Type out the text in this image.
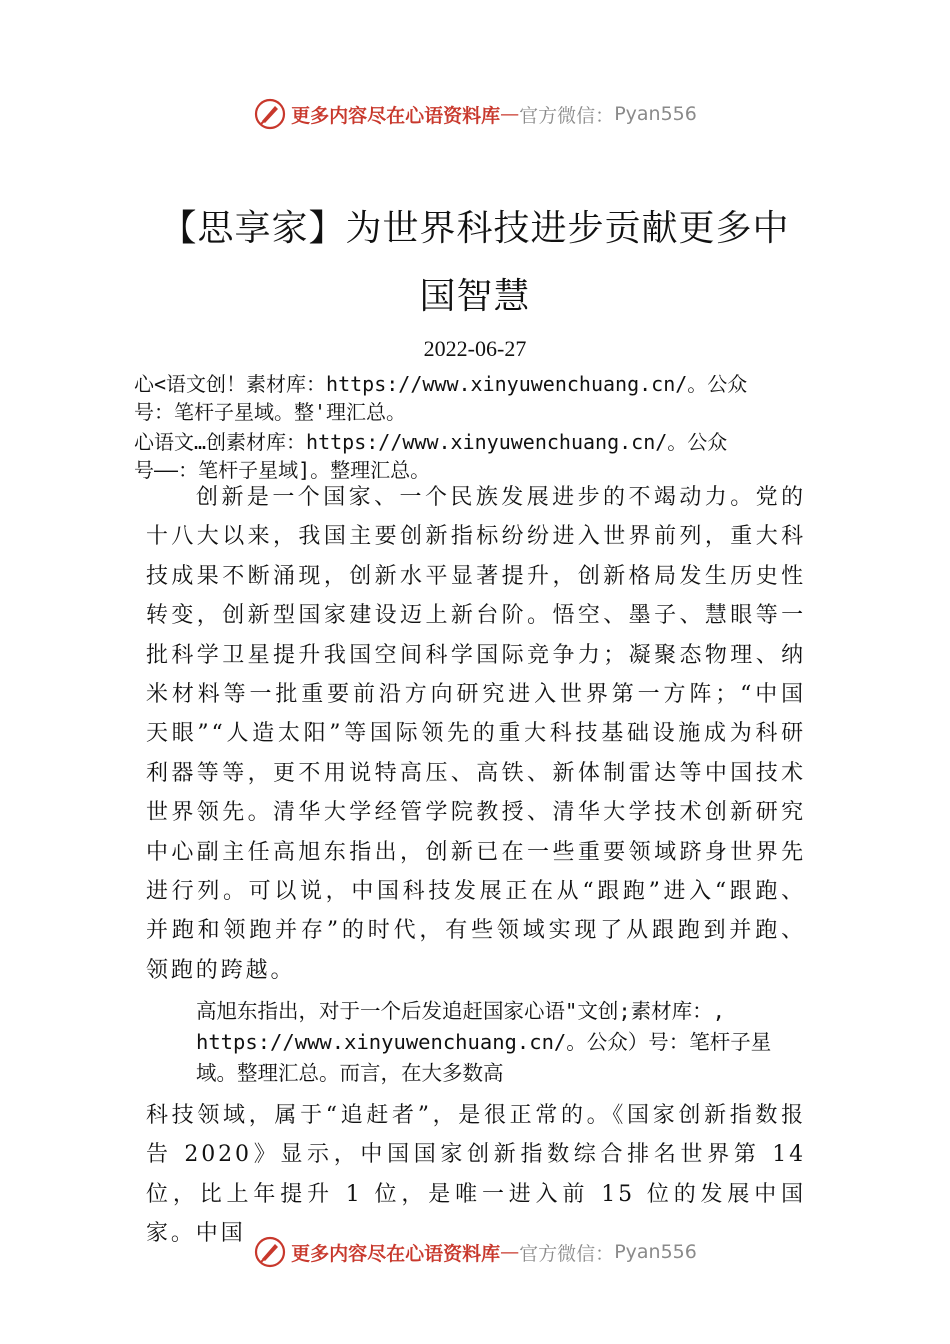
更多内容尽在心语资料库 — 官方微信： Pyan556
【思享家】为世界科技进步贡献更多中
国智慧
2022-06-27
心<语文创！素材库：https://www.xinyuwenchuang.cn/。公众
号：笔杆子星域。整'理汇总。
心语文…创素材库：https://www.xinyuwenchuang.cn/。公众
号——：笔杆子星域]。整理汇总。
创新是一个国家、一个民族发展进步的不竭动力。党的十八大以来，我国主要创新指标纷纷进入世界前列，重大科技成果不断涌现，创新水平显著提升，创新格局发生历史性转变，创新型国家建设迈上新台阶。悟空、墨子、慧眼等一批科学卫星提升我国空间科学国际竞争力；凝聚态物理、纳米材料等一批重要前沿方向研究进入世界第一方阵；“中国天眼”“人造太阳”等国际领先的重大科技基础设施成为科研利器等等，更不用说特高压、高铁、新体制雷达等中国技术世界领先。清华大学经管学院教授、清华大学技术创新研究中心副主任高旭东指出，创新已在一些重要领域跻身世界先进行列。可以说，中国科技发展正在从“跟跑”进入“跟跑、并跑和领跑并存”的时代，有些领域实现了从跟跑到并跑、领跑的跨越。
高旭东指出，对于一个后发追赶国家心语"文创;素材库：,
https://www.xinyuwenchuang.cn/。公众）号：笔杆子星
域。整理汇总。而言，在大多数高
科技领域，属于“追赶者”，是很正常的。《国家创新指数报告 2020》显示，中国国家创新指数综合排名世界第 14 位，比上年提升 1 位，是唯一进入前 15 位的发展中国家。中国
更多内容尽在心语资料库 — 官方微信： Pyan556
